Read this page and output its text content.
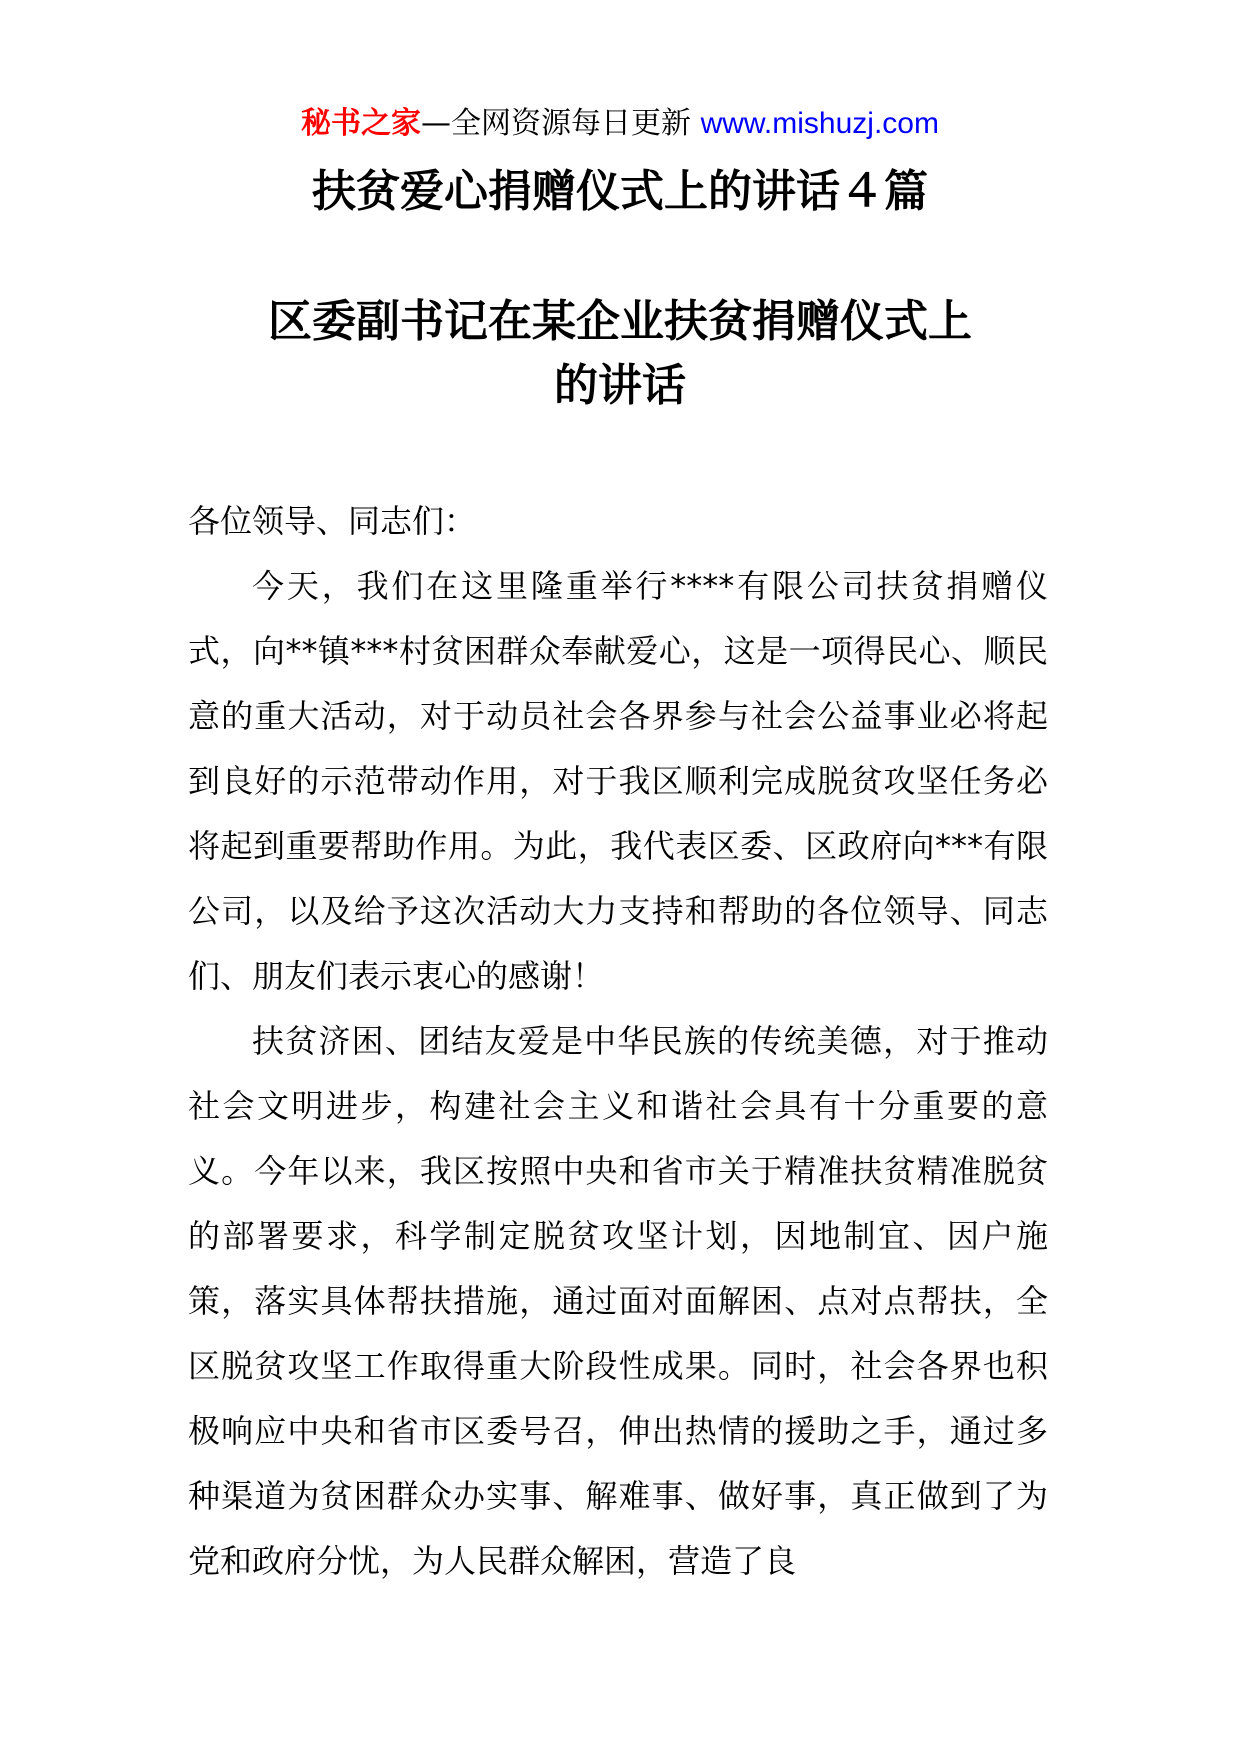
秘书之家—全网资源每日更新 www.mishuzj.com
扶贫爱心捐赠仪式上的讲话４篇
区委副书记在某企业扶贫捐赠仪式上
的讲话

各位领导、同志们：

今天，我们在这里隆重举行****有限公司扶贫捐赠仪式，向**镇***村贫困群众奉献爱心，这是一项得民心、顺民意的重大活动，对于动员社会各界参与社会公益事业必将起到良好的示范带动作用，对于我区顺利完成脱贫攻坚任务必将起到重要帮助作用。为此，我代表区委、区政府向***有限公司，以及给予这次活动大力支持和帮助的各位领导、同志们、朋友们表示衷心的感谢！

扶贫济困、团结友爱是中华民族的传统美德，对于推动社会文明进步，构建社会主义和谐社会具有十分重要的意义。今年以来，我区按照中央和省市关于精准扶贫精准脱贫的部署要求，科学制定脱贫攻坚计划，因地制宜、因户施策，落实具体帮扶措施，通过面对面解困、点对点帮扶，全区脱贫攻坚工作取得重大阶段性成果。同时，社会各界也积极响应中央和省市区委号召，伸出热情的援助之手，通过多种渠道为贫困群众办实事、解难事、做好事，真正做到了为党和政府分忧，为人民群众解困，营造了良
